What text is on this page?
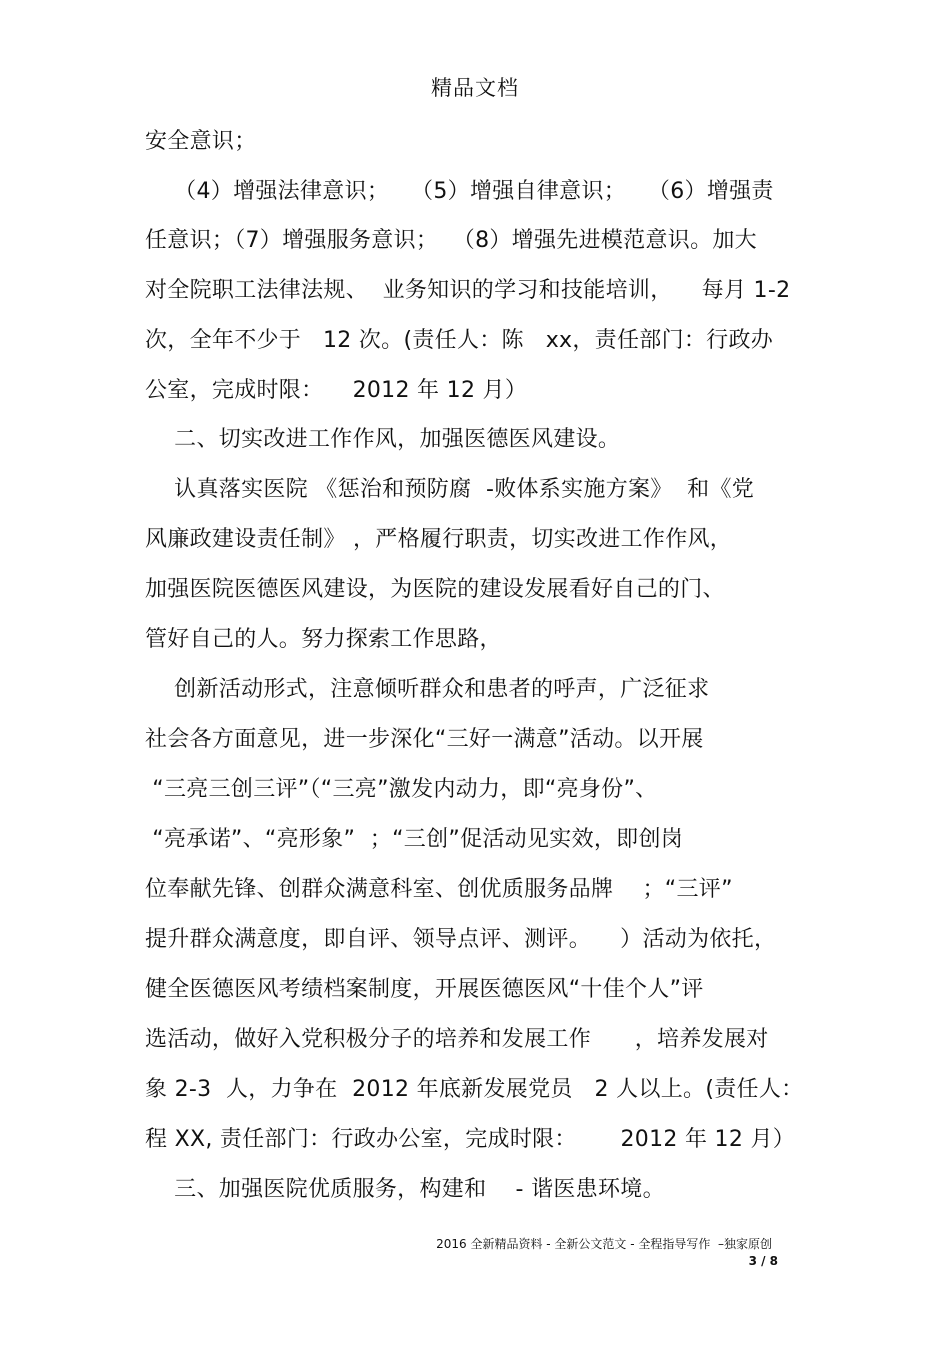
精品文档
安全意识；
（4）增强法律意识；   （5）增强自律意识；   （6）增强责
任意识；（7）增强服务意识；  （8）增强先进模范意识。加大
对全院职工法律法规、  业务知识的学习和技能培训，    每月 1-2
次，全年不少于   12 次。(责任人：陈   xx，责任部门：行政办
公室，完成时限：    2012 年 12 月）
二、切实改进工作作风，加强医德医风建设。
认真落实医院 《惩治和预防腐  -败体系实施方案》  和《党
风廉政建设责任制》 ，严格履行职责，切实改进工作作风，
加强医院医德医风建设，为医院的建设发展看好自己的门、
管好自己的人。努力探索工作思路，
创新活动形式，注意倾听群众和患者的呼声，广泛征求
社会各方面意见，进一步深化“三好一满意”活动。以开展
“三亮三创三评”（“三亮”激发内动力，即“亮身份”、
“亮承诺”、“亮形象”  ；“三创”促活动见实效，即创岗
位奉献先锋、创群众满意科室、创优质服务品牌    ；“三评”
提升群众满意度，即自评、领导点评、测评。    ）活动为依托，
健全医德医风考绩档案制度，开展医德医风“十佳个人”评
选活动，做好入党积极分子的培养和发展工作      ，培养发展对
象 2-3  人，力争在  2012 年底新发展党员   2 人以上。(责任人：
程 XX, 责任部门：行政办公室，完成时限：      2012 年 12 月）
三、加强医院优质服务，构建和    - 谐医患环境。
2016 全新精品资料 - 全新公文范文 - 全程指导写作  –独家原创
3 / 8
